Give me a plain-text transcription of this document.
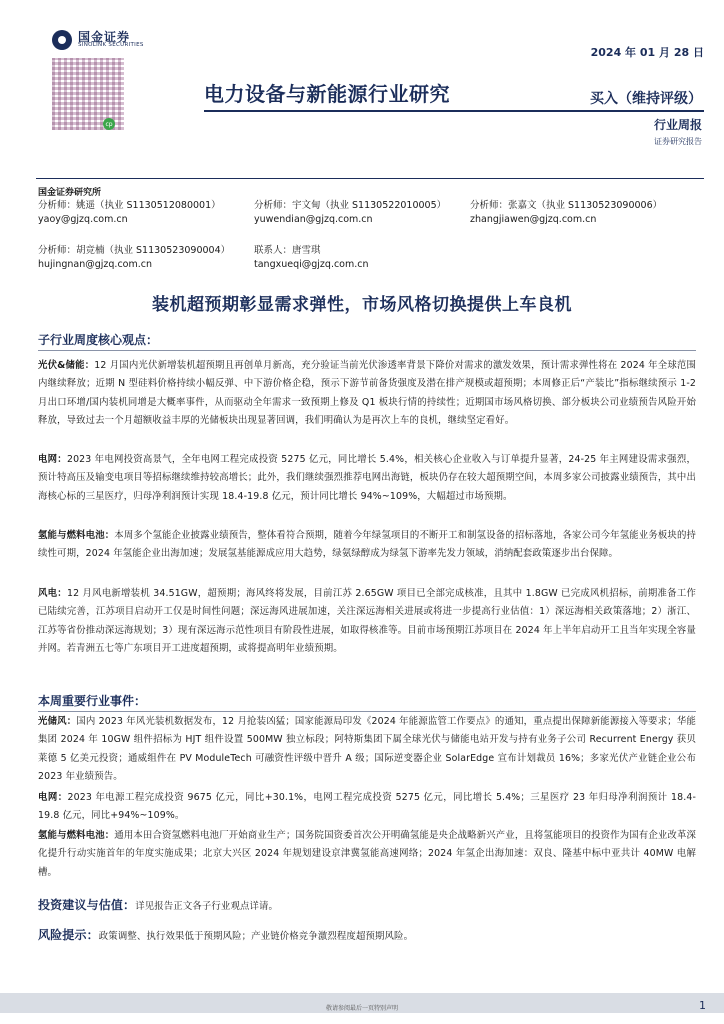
国金证券
SINOLINK SECURITIES
cp
2024 年 01 月 28 日
电力设备与新能源行业研究	买入（维持评级）
行业周报
证券研究报告
国金证券研究所
分析师：姚遥（执业 S1130512080001）
yaoy@gjzq.com.cn
分析师：宇文甸（执业 S1130522010005）
yuwendian@gjzq.com.cn
分析师：张嘉文（执业 S1130523090006）
zhangjiawen@gjzq.com.cn
分析师：胡竞楠（执业 S1130523090004）
hujingnan@gjzq.com.cn
联系人：唐雪琪
tangxueqi@gjzq.com.cn
装机超预期彰显需求弹性，市场风格切换提供上车良机
子行业周度核心观点：
光伏&储能：12 月国内光伏新增装机超预期且再创单月新高，充分验证当前光伏渗透率背景下降价对需求的激发效果，预计需求弹性将在 2024 年全球范围内继续释放；近期 N 型硅料价格持续小幅反弹、中下游价格企稳，预示下游节前备货强度及潜在排产规模或超预期；本周修正后“产装比”指标继续预示 1-2 月出口环增/国内装机同增是大概率事件，从而驱动全年需求一致预期上修及 Q1 板块行情的持续性；近期国市场风格切换、部分板块公司业绩预告风险开始释放，导致过去一个月超额收益丰厚的光储板块出现显著回调，我们明确认为是再次上车的良机，继续坚定看好。
电网：2023 年电网投资高景气，全年电网工程完成投资 5275 亿元，同比增长 5.4%，相关核心企业收入与订单提升显著，24-25 年主网建设需求强烈，预计特高压及输变电项目等招标继续维持较高增长；此外，我们继续强烈推荐电网出海链，板块仍存在较大超预期空间，本周多家公司披露业绩预告，其中出海核心标的三星医疗，归母净利润预计实现 18.4-19.8 亿元，预计同比增长 94%~109%，大幅超过市场预期。
氢能与燃料电池：本周多个氢能企业披露业绩预告，整体看符合预期，随着今年绿氢项目的不断开工和制氢设备的招标落地，各家公司今年氢能业务板块的持续性可期，2024 年氢能企业出海加速；发展氢基能源成应用大趋势，绿氨绿醇成为绿氢下游率先发力领域，消纳配套政策逐步出台保障。
风电：12 月风电新增装机 34.51GW，超预期；海风终将发展，目前江苏 2.65GW 项目已全部完成核准，且其中 1.8GW 已完成风机招标，前期准备工作已陆续完善，江苏项目启动开工仅是时间性问题；深远海风进展加速，关注深远海相关进展或将进一步提高行业估值：1）深远海相关政策落地；2）浙江、江苏等省份推动深远海规划；3）现有深远海示范性项目有阶段性进展，如取得核准等。目前市场预期江苏项目在 2024 年上半年启动开工且当年实现全容量并网。若青洲五七等广东项目开工进度超预期，或将提高明年业绩预期。
本周重要行业事件：
光储风：国内 2023 年风光装机数据发布，12 月抢装凶猛；国家能源局印发《2024 年能源监管工作要点》的通知，重点提出保障新能源接入等要求；华能集团 2024 年 10GW 组件招标为 HJT 组件设置 500MW 独立标段；阿特斯集团下属全球光伏与储能电站开发与持有业务子公司 Recurrent Energy 获贝莱德 5 亿美元投资；通威组件在 PV ModuleTech 可融资性评级中晋升 A 级；国际逆变器企业 SolarEdge 宣布计划裁员 16%；多家光伏产业链企业公布 2023 年业绩预告。
电网：2023 年电源工程完成投资 9675 亿元，同比+30.1%，电网工程完成投资 5275 亿元，同比增长 5.4%；三星医疗 23 年归母净利润预计 18.4-19.8 亿元，同比+94%~109%。
氢能与燃料电池：通用本田合资氢燃料电池厂开始商业生产；国务院国资委首次公开明确氢能是央企战略新兴产业，且将氢能项目的投资作为国有企业改革深化提升行动实施首年的年度实施成果；北京大兴区 2024 年规划建设京津冀氢能高速网络；2024 年氢企出海加速：双良、隆基中标中亚共计 40MW 电解槽。
投资建议与估值：详见报告正文各子行业观点详请。
风险提示：政策调整、执行效果低于预期风险；产业链价格竞争激烈程度超预期风险。
敬请参阅最后一页特别声明	1
